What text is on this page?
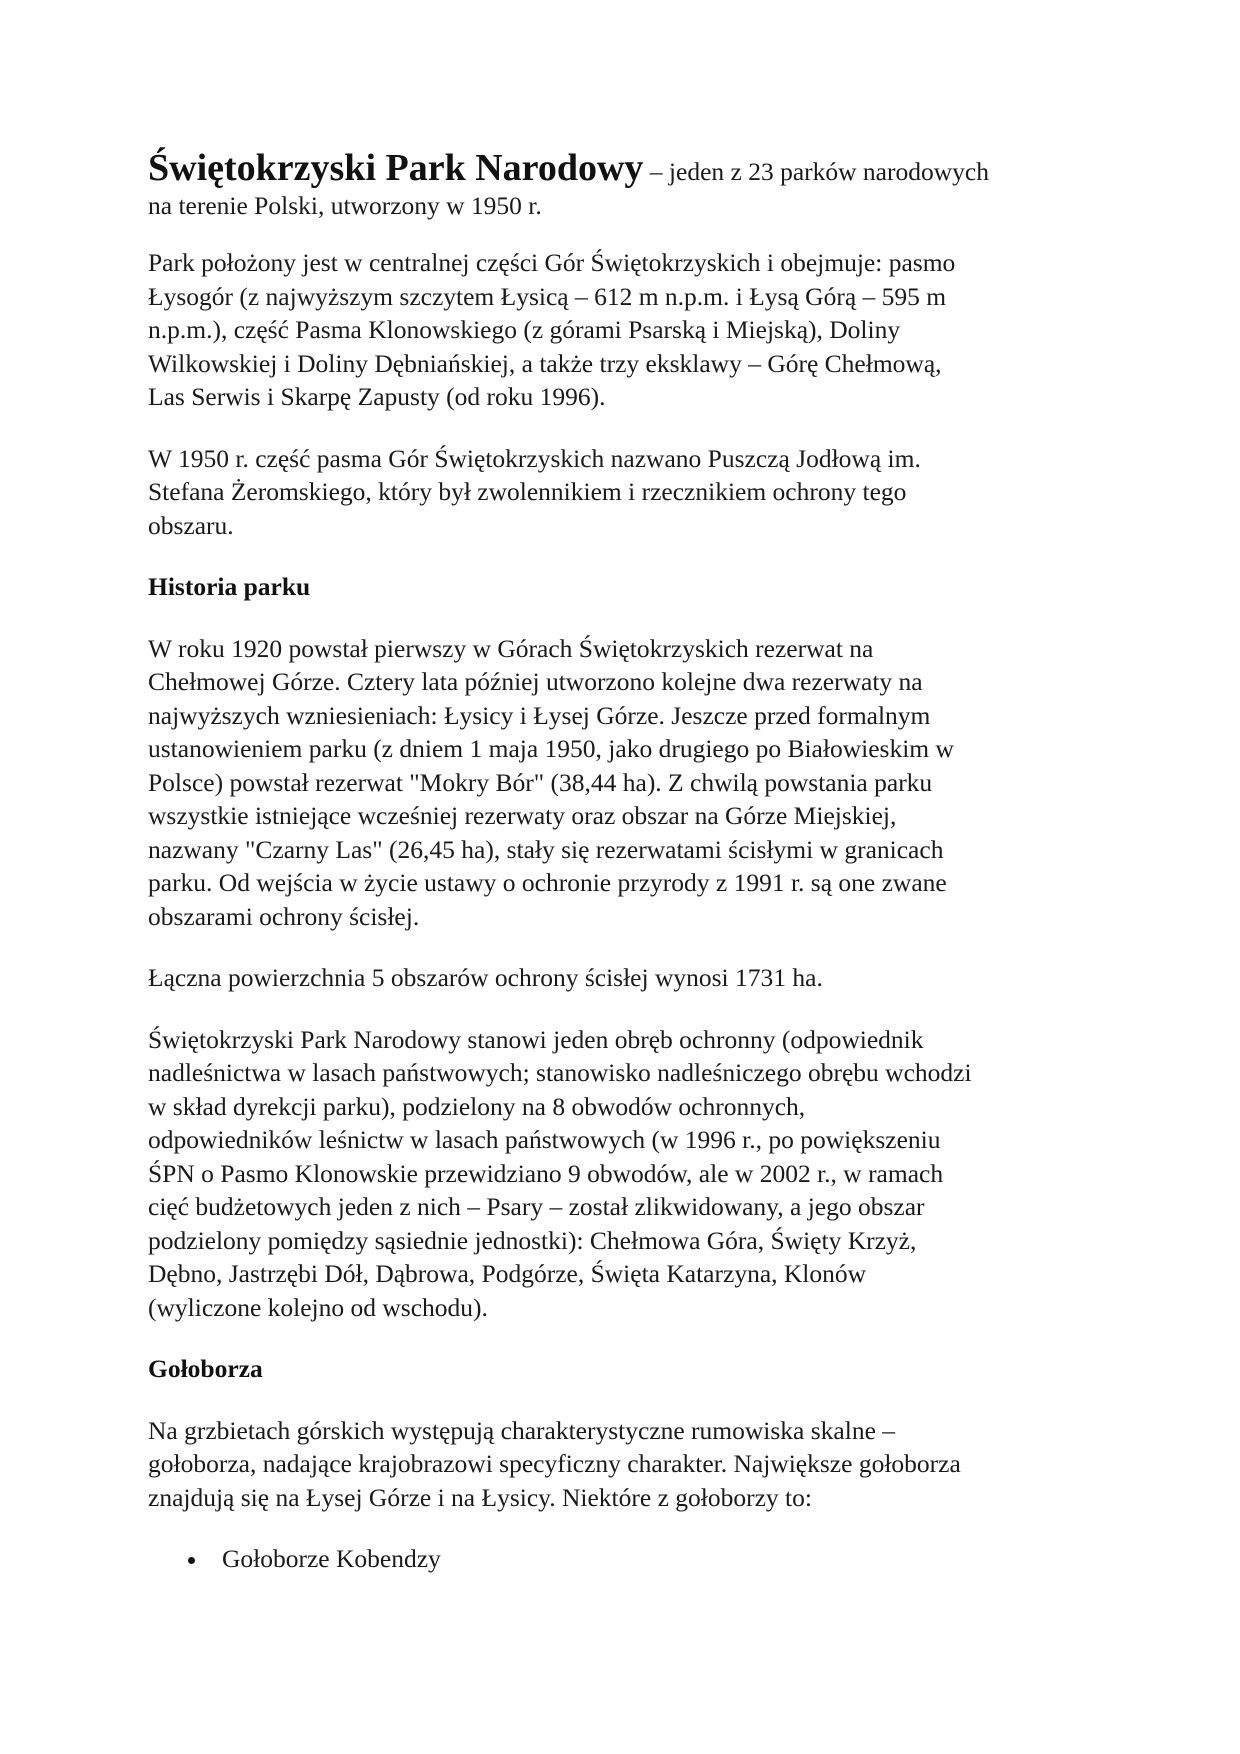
Świętokrzyski Park Narodowy – jeden z 23 parków narodowych
na terenie Polski, utworzony w 1950 r.

Park położony jest w centralnej części Gór Świętokrzyskich i obejmuje: pasmo
Łysogór (z najwyższym szczytem Łysicą – 612 m n.p.m. i Łysą Górą – 595 m
n.p.m.), część Pasma Klonowskiego (z górami Psarską i Miejską), Doliny
Wilkowskiej i Doliny Dębniańskiej, a także trzy eksklawy – Górę Chełmową,
Las Serwis i Skarpę Zapusty (od roku 1996).

W 1950 r. część pasma Gór Świętokrzyskich nazwano Puszczą Jodłową im.
Stefana Żeromskiego, który był zwolennikiem i rzecznikiem ochrony tego
obszaru.

Historia parku

W roku 1920 powstał pierwszy w Górach Świętokrzyskich rezerwat na
Chełmowej Górze. Cztery lata później utworzono kolejne dwa rezerwaty na
najwyższych wzniesieniach: Łysicy i Łysej Górze. Jeszcze przed formalnym
ustanowieniem parku (z dniem 1 maja 1950, jako drugiego po Białowieskim w
Polsce) powstał rezerwat "Mokry Bór" (38,44 ha). Z chwilą powstania parku
wszystkie istniejące wcześniej rezerwaty oraz obszar na Górze Miejskiej,
nazwany "Czarny Las" (26,45 ha), stały się rezerwatami ścisłymi w granicach
parku. Od wejścia w życie ustawy o ochronie przyrody z 1991 r. są one zwane
obszarami ochrony ścisłej.

Łączna powierzchnia 5 obszarów ochrony ścisłej wynosi 1731 ha.

Świętokrzyski Park Narodowy stanowi jeden obręb ochronny (odpowiednik
nadleśnictwa w lasach państwowych; stanowisko nadleśniczego obrębu wchodzi
w skład dyrekcji parku), podzielony na 8 obwodów ochronnych,
odpowiedników leśnictw w lasach państwowych (w 1996 r., po powiększeniu
ŚPN o Pasmo Klonowskie przewidziano 9 obwodów, ale w 2002 r., w ramach
cięć budżetowych jeden z nich – Psary – został zlikwidowany, a jego obszar
podzielony pomiędzy sąsiednie jednostki): Chełmowa Góra, Święty Krzyż,
Dębno, Jastrzębi Dół, Dąbrowa, Podgórze, Święta Katarzyna, Klonów
(wyliczone kolejno od wschodu).

Gołoborza

Na grzbietach górskich występują charakterystyczne rumowiska skalne –
gołoborza, nadające krajobrazowi specyficzny charakter. Największe gołoborza
znajdują się na Łysej Górze i na Łysicy. Niektóre z gołoborzy to:

Gołoborze Kobendzy
